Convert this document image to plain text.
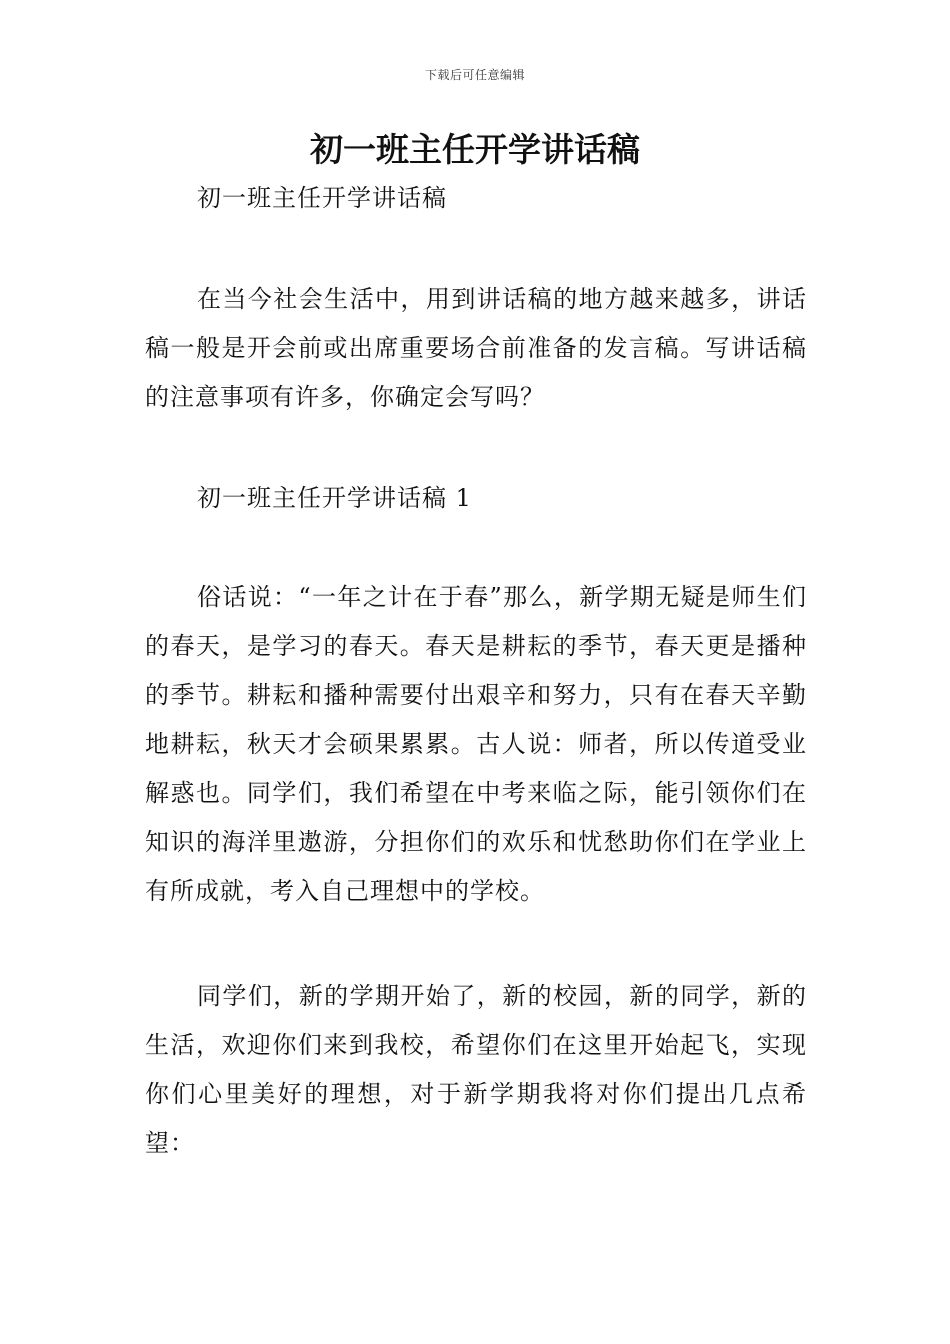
下载后可任意编辑
初一班主任开学讲话稿

初一班主任开学讲话稿

在当今社会生活中，用到讲话稿的地方越来越多，讲话稿一般是开会前或出席重要场合前准备的发言稿。写讲话稿的注意事项有许多，你确定会写吗？

初一班主任开学讲话稿 1

俗话说：“一年之计在于春”那么，新学期无疑是师生们的春天，是学习的春天。春天是耕耘的季节，春天更是播种的季节。耕耘和播种需要付出艰辛和努力，只有在春天辛勤地耕耘，秋天才会硕果累累。古人说：师者，所以传道受业解惑也。同学们，我们希望在中考来临之际，能引领你们在知识的海洋里遨游，分担你们的欢乐和忧愁助你们在学业上有所成就，考入自己理想中的学校。

同学们，新的学期开始了，新的校园，新的同学，新的生活，欢迎你们来到我校，希望你们在这里开始起飞，实现你们心里美好的理想，对于新学期我将对你们提出几点希望：
